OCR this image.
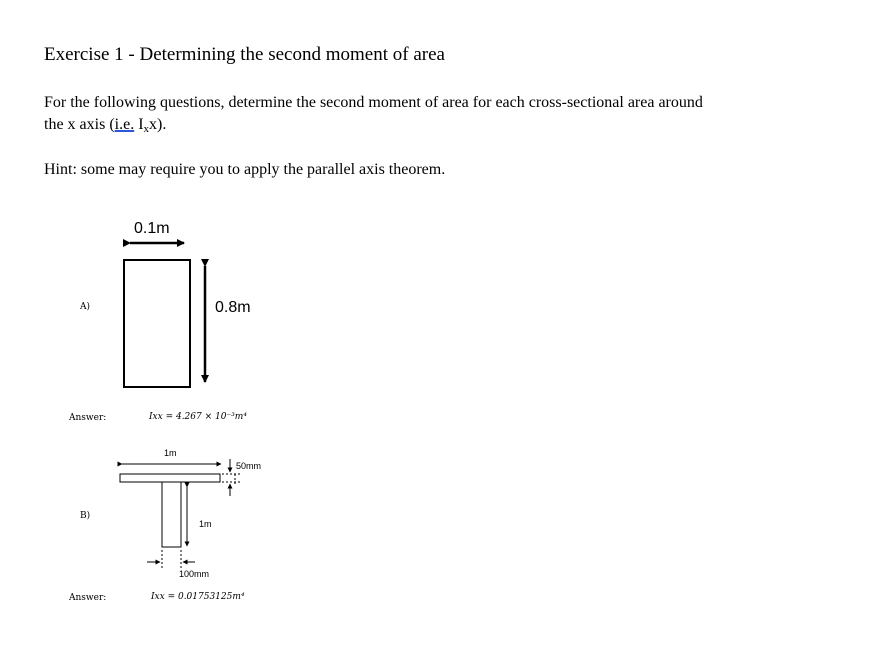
Exercise 1 - Determining the second moment of area
For the following questions, determine the second moment of area for each cross-sectional area around
the x axis (i.e. $I_xx$).
Hint: some may require you to apply the parallel axis theorem.
A)
0.1m
0.8m
Answer:	Ixx = 4.267 × 10⁻³m⁴
B)
1m
50mm
1m
100mm
Answer:	Ixx = 0.01753125m⁴
